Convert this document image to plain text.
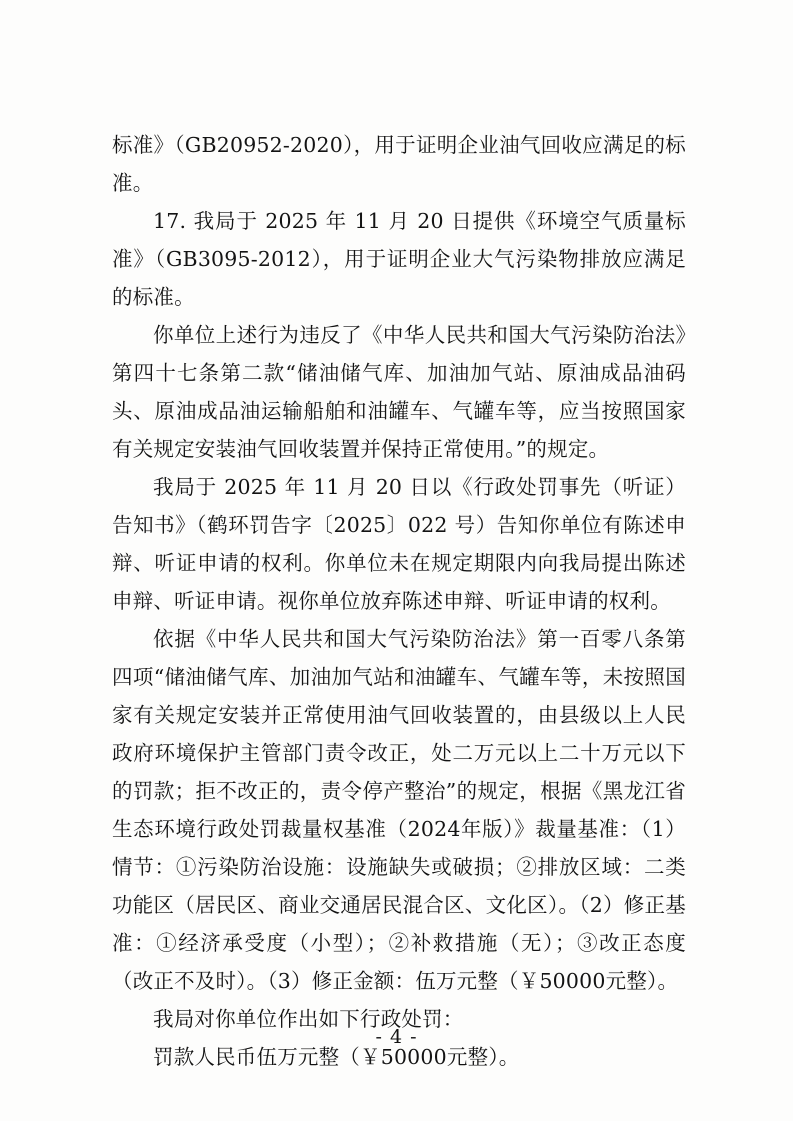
标准》（GB20952-2020），用于证明企业油气回收应满足的标准。

17. 我局于 2025 年 11 月 20 日提供《环境空气质量标准》（GB3095-2012），用于证明企业大气污染物排放应满足的标准。

你单位上述行为违反了《中华人民共和国大气污染防治法》第四十七条第二款“储油储气库、加油加气站、原油成品油码头、原油成品油运输船舶和油罐车、气罐车等，应当按照国家有关规定安装油气回收装置并保持正常使用。”的规定。

我局于 2025 年 11 月 20 日以《行政处罚事先（听证）告知书》（鹤环罚告字〔2025〕022 号）告知你单位有陈述申辩、听证申请的权利。你单位未在规定期限内向我局提出陈述申辩、听证申请。视你单位放弃陈述申辩、听证申请的权利。

依据《中华人民共和国大气污染防治法》第一百零八条第四项“储油储气库、加油加气站和油罐车、气罐车等，未按照国家有关规定安装并正常使用油气回收装置的，由县级以上人民政府环境保护主管部门责令改正，处二万元以上二十万元以下的罚款；拒不改正的，责令停产整治”的规定，根据《黑龙江省生态环境行政处罚裁量权基准（2024年版）》裁量基准：（1）情节：①污染防治设施：设施缺失或破损；②排放区域：二类功能区（居民区、商业交通居民混合区、文化区）。（2）修正基准：①经济承受度（小型）；②补救措施（无）；③改正态度（改正不及时）。（3）修正金额：伍万元整（￥50000元整）。

我局对你单位作出如下行政处罚：

罚款人民币伍万元整（￥50000元整）。

- 4 -
